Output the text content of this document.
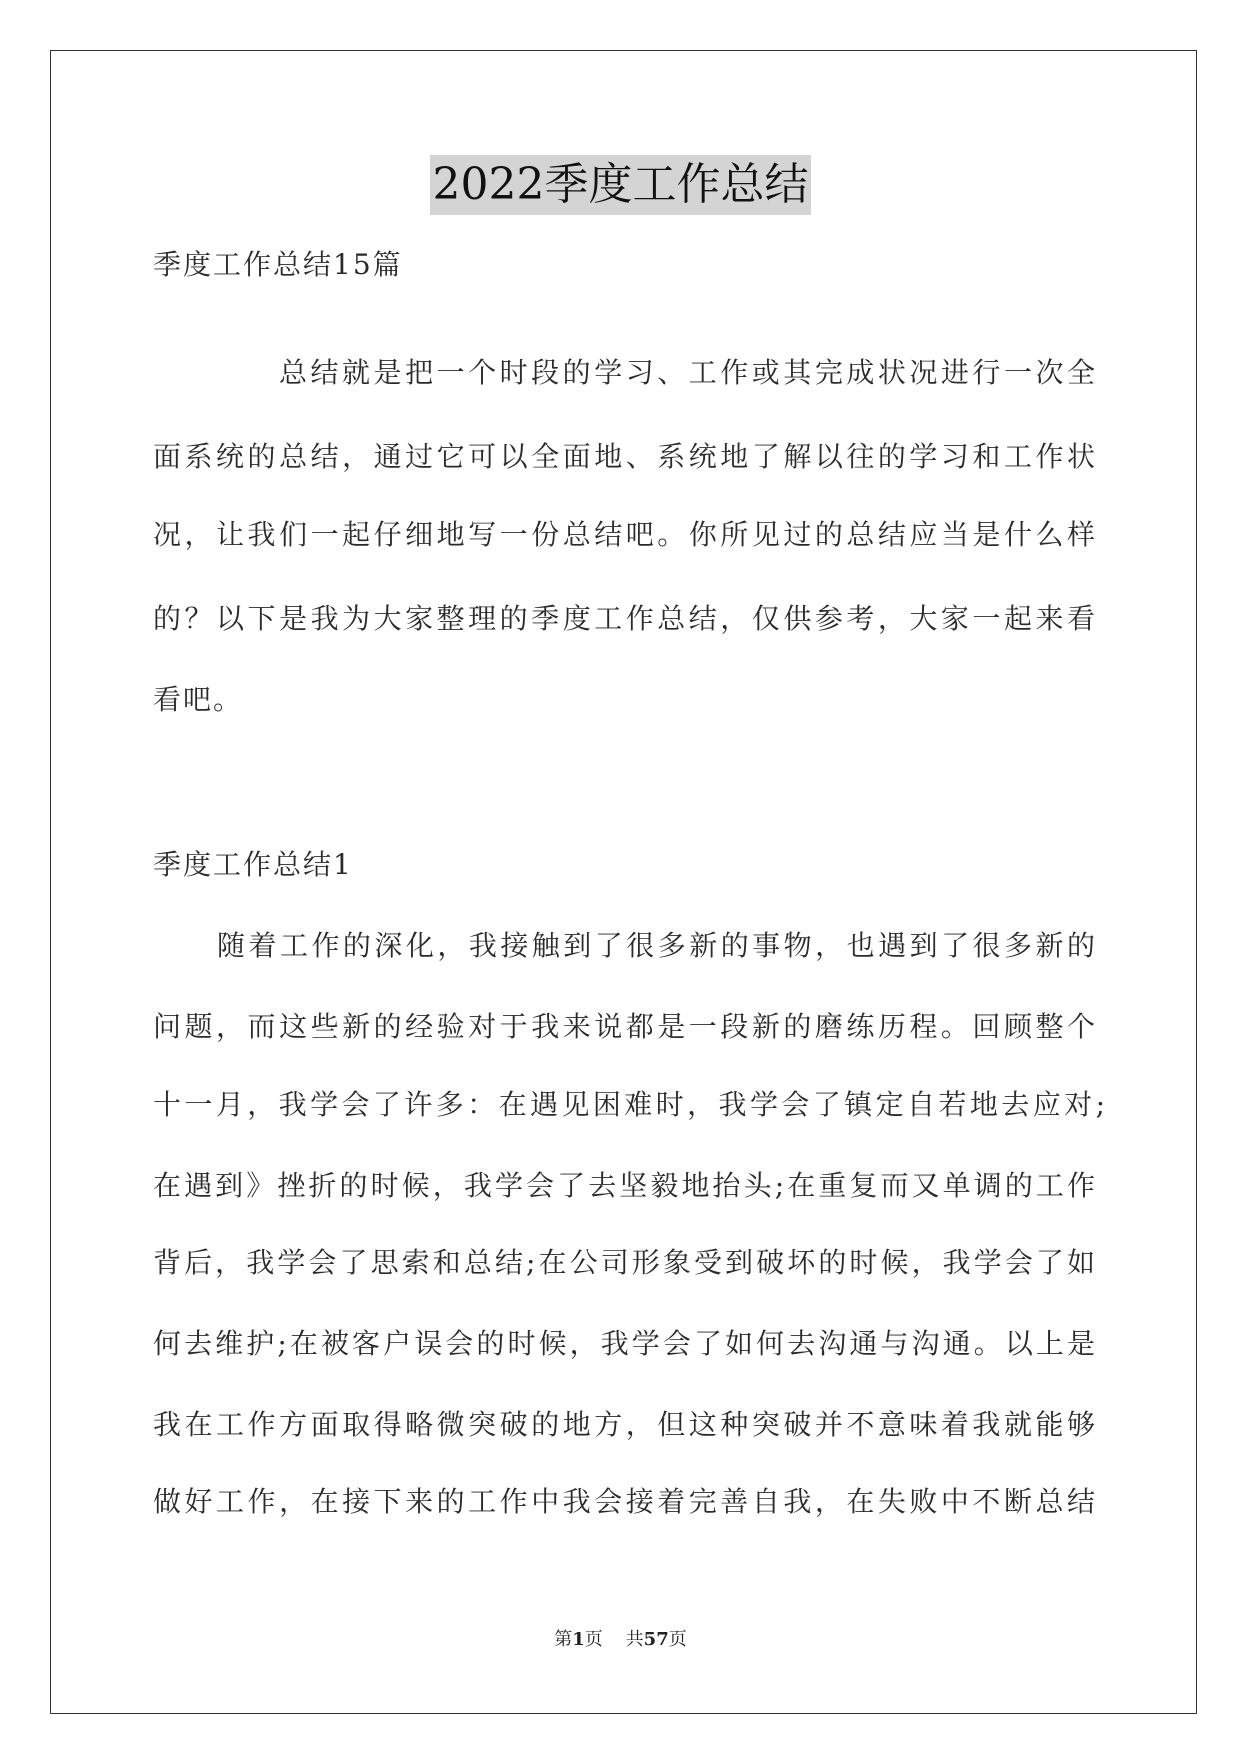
2022季度工作总结
季度工作总结15篇
总结就是把一个时段的学习、工作或其完成状况进行一次全
面系统的总结，通过它可以全面地、系统地了解以往的学习和工作状
况，让我们一起仔细地写一份总结吧。你所见过的总结应当是什么样
的？以下是我为大家整理的季度工作总结，仅供参考，大家一起来看
看吧。
季度工作总结1
随着工作的深化，我接触到了很多新的事物，也遇到了很多新的
问题，而这些新的经验对于我来说都是一段新的磨练历程。回顾整个
十一月，我学会了许多：在遇见困难时，我学会了镇定自若地去应对;
在遇到》挫折的时候，我学会了去坚毅地抬头;在重复而又单调的工作
背后，我学会了思索和总结;在公司形象受到破坏的时候，我学会了如
何去维护;在被客户误会的时候，我学会了如何去沟通与沟通。以上是
我在工作方面取得略微突破的地方，但这种突破并不意味着我就能够
做好工作，在接下来的工作中我会接着完善自我，在失败中不断总结
第1页 共57页
